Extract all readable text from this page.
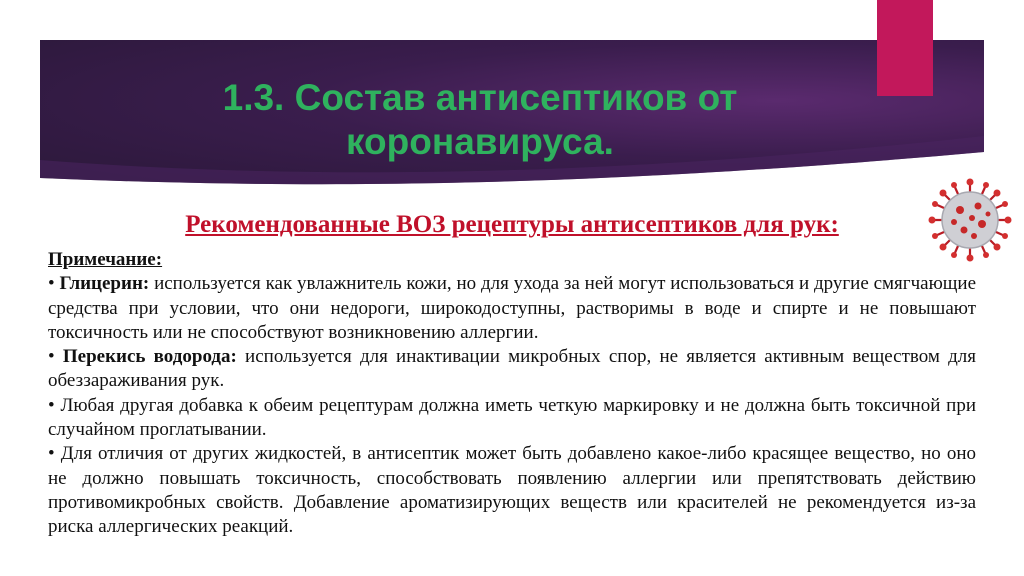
1.3. Состав антисептиков от коронавируса.
Рекомендованные ВОЗ рецептуры антисептиков для рук:

Примечание:

• Глицерин: используется как увлажнитель кожи, но для ухода за ней могут использоваться и другие смягчающие средства при условии, что они недороги, широкодоступны, растворимы в воде и спирте и не повышают токсичность или не способствуют возникновению аллергии.

• Перекись водорода: используется для инактивации микробных спор, не является активным веществом для обеззараживания рук.

• Любая другая добавка к обеим рецептурам должна иметь четкую маркировку и не должна быть токсичной при случайном проглатывании.

• Для отличия от других жидкостей, в антисептик может быть добавлено какое-либо красящее вещество, но оно не должно повышать токсичность, способствовать появлению аллергии или препятствовать действию противомикробных свойств. Добавление ароматизирующих веществ или красителей не рекомендуется из-за риска аллергических реакций.
